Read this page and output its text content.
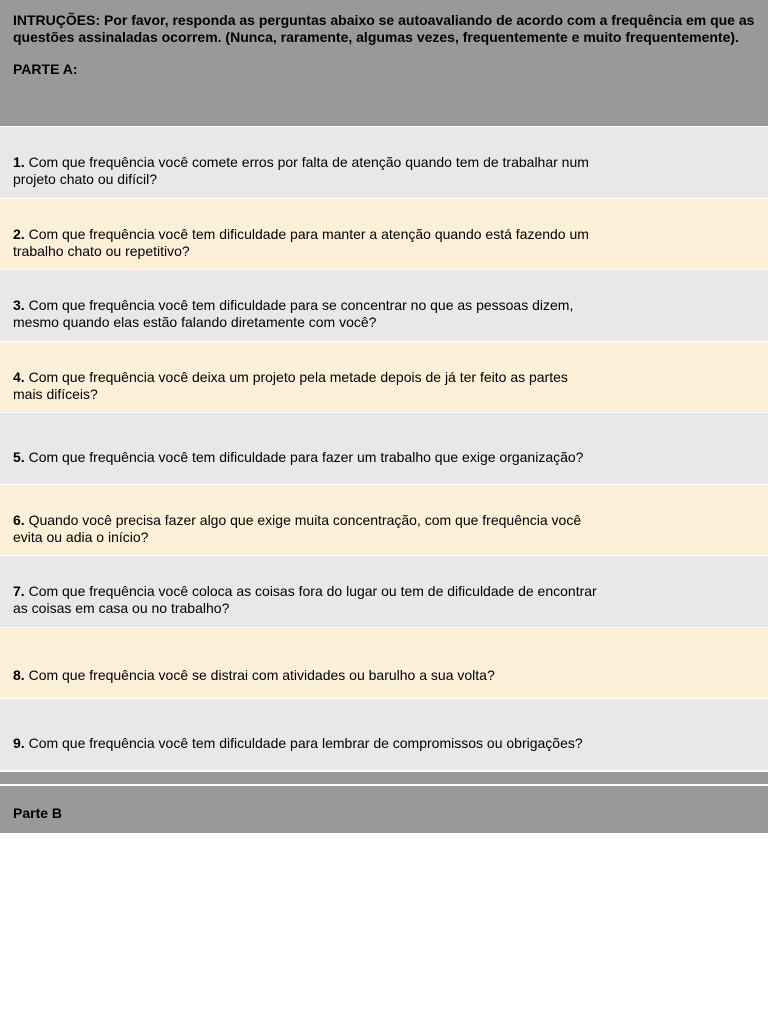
INTRUÇÕES: Por favor, responda as perguntas abaixo se autoavaliando de acordo com a frequência em que as questões assinaladas ocorrem. (Nunca, raramente, algumas vezes, frequentemente e muito frequentemente).

PARTE A:

1. Com que frequência você comete erros por falta de atenção quando tem de trabalhar num projeto chato ou difícil?
2. Com que frequência você tem dificuldade para manter a atenção quando está fazendo um trabalho chato ou repetitivo?
3. Com que frequência você tem dificuldade para se concentrar no que as pessoas dizem, mesmo quando elas estão falando diretamente com você?
4. Com que frequência você deixa um projeto pela metade depois de já ter feito as partes mais difíceis?
5. Com que frequência você tem dificuldade para fazer um trabalho que exige organização?
6. Quando você precisa fazer algo que exige muita concentração, com que frequência você evita ou adia o início?
7. Com que frequência você coloca as coisas fora do lugar ou tem de dificuldade de encontrar as coisas em casa ou no trabalho?
8. Com que frequência você se distrai com atividades ou barulho a sua volta?
9. Com que frequência você tem dificuldade para lembrar de compromissos ou obrigações?
Parte B
